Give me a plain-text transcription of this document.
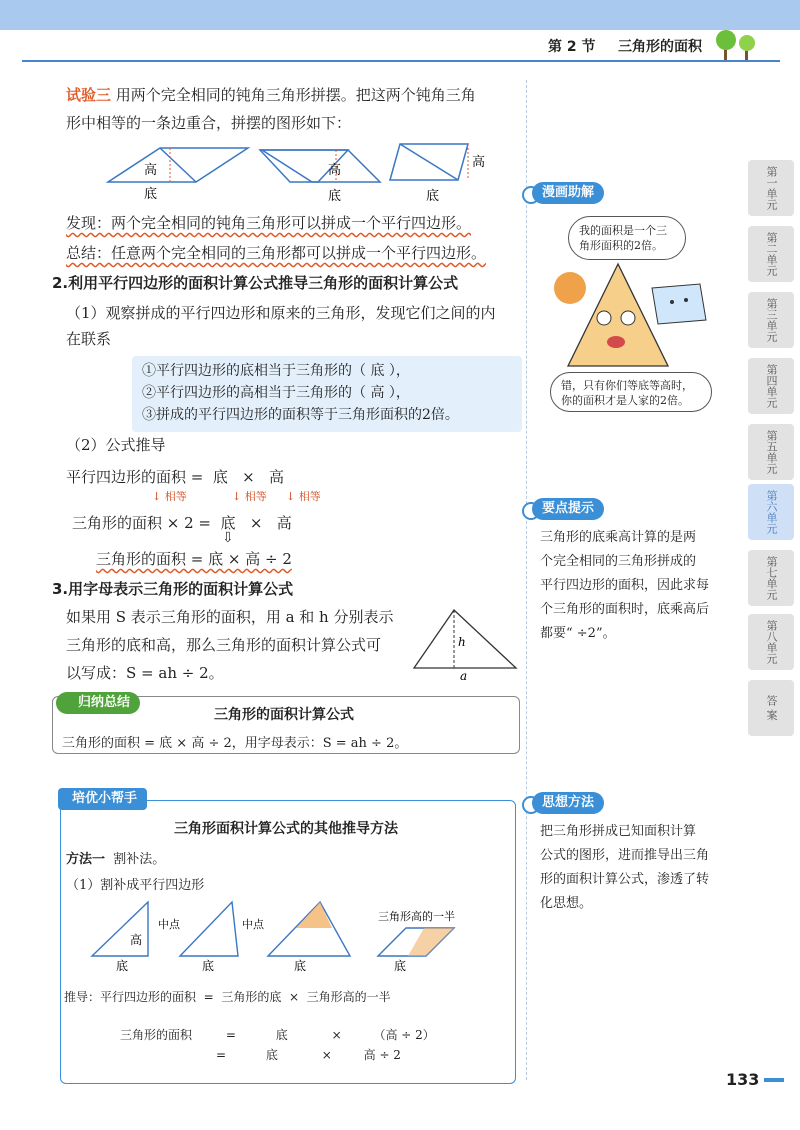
第 2 节 三角形的面积
第一单元
第二单元
第三单元
第四单元
第五单元
第六单元
第七单元
第八单元
答 案
试验三 用两个完全相同的钝角三角形拼摆。把这两个钝角三角
形中相等的一条边重合，拼摆的图形如下：
高
底
高
底
高
底
发现：两个完全相同的钝角三角形可以拼成一个平行四边形。
总结：任意两个完全相同的三角形都可以拼成一个平行四边形。
2.利用平行四边形的面积计算公式推导三角形的面积计算公式
（1）观察拼成的平行四边形和原来的三角形，发现它们之间的内
在联系
①平行四边形的底相当于三角形的（ 底 ），
②平行四边形的高相当于三角形的（ 高 ），
③拼成的平行四边形的面积等于三角形面积的2倍。
（2）公式推导
平行四边形的面积 =  底   ×   高
↓ 相等	↓ 相等 ↓ 相等
三角形的面积 × 2 =  底   ×   高
⇩
三角形的面积 = 底 × 高 ÷ 2
3.用字母表示三角形的面积计算公式
如果用 S 表示三角形的面积，用 a 和 h 分别表示
三角形的底和高，那么三角形的面积计算公式可
以写成：S = ah ÷ 2。
h
a
归纳总结
三角形的面积计算公式
三角形的面积 = 底 × 高 ÷ 2，用字母表示：S = ah ÷ 2。
培优小帮手
三角形面积计算公式的其他推导方法
方法一 割补法。
（1）割补成平行四边形
高
底	底	底	底
中点	中点
三角形高的一半
推导：平行四边形的面积  =  三角形的底  ×  三角形高的一半
三角形的面积	=	底	×	（高 ÷ 2）
=	底	×	高 ÷ 2
漫画助解
我的面积是一个三角形面积的2倍。
错，只有你们等底等高时，你的面积才是人家的2倍。
要点提示
三角形的底乘高计算的是两
个完全相同的三角形拼成的
平行四边形的面积，因此求每
个三角形的面积时，底乘高后
都要“ ÷2”。
思想方法
把三角形拼成已知面积计算
公式的图形，进而推导出三角
形的面积计算公式，渗透了转
化思想。
133
